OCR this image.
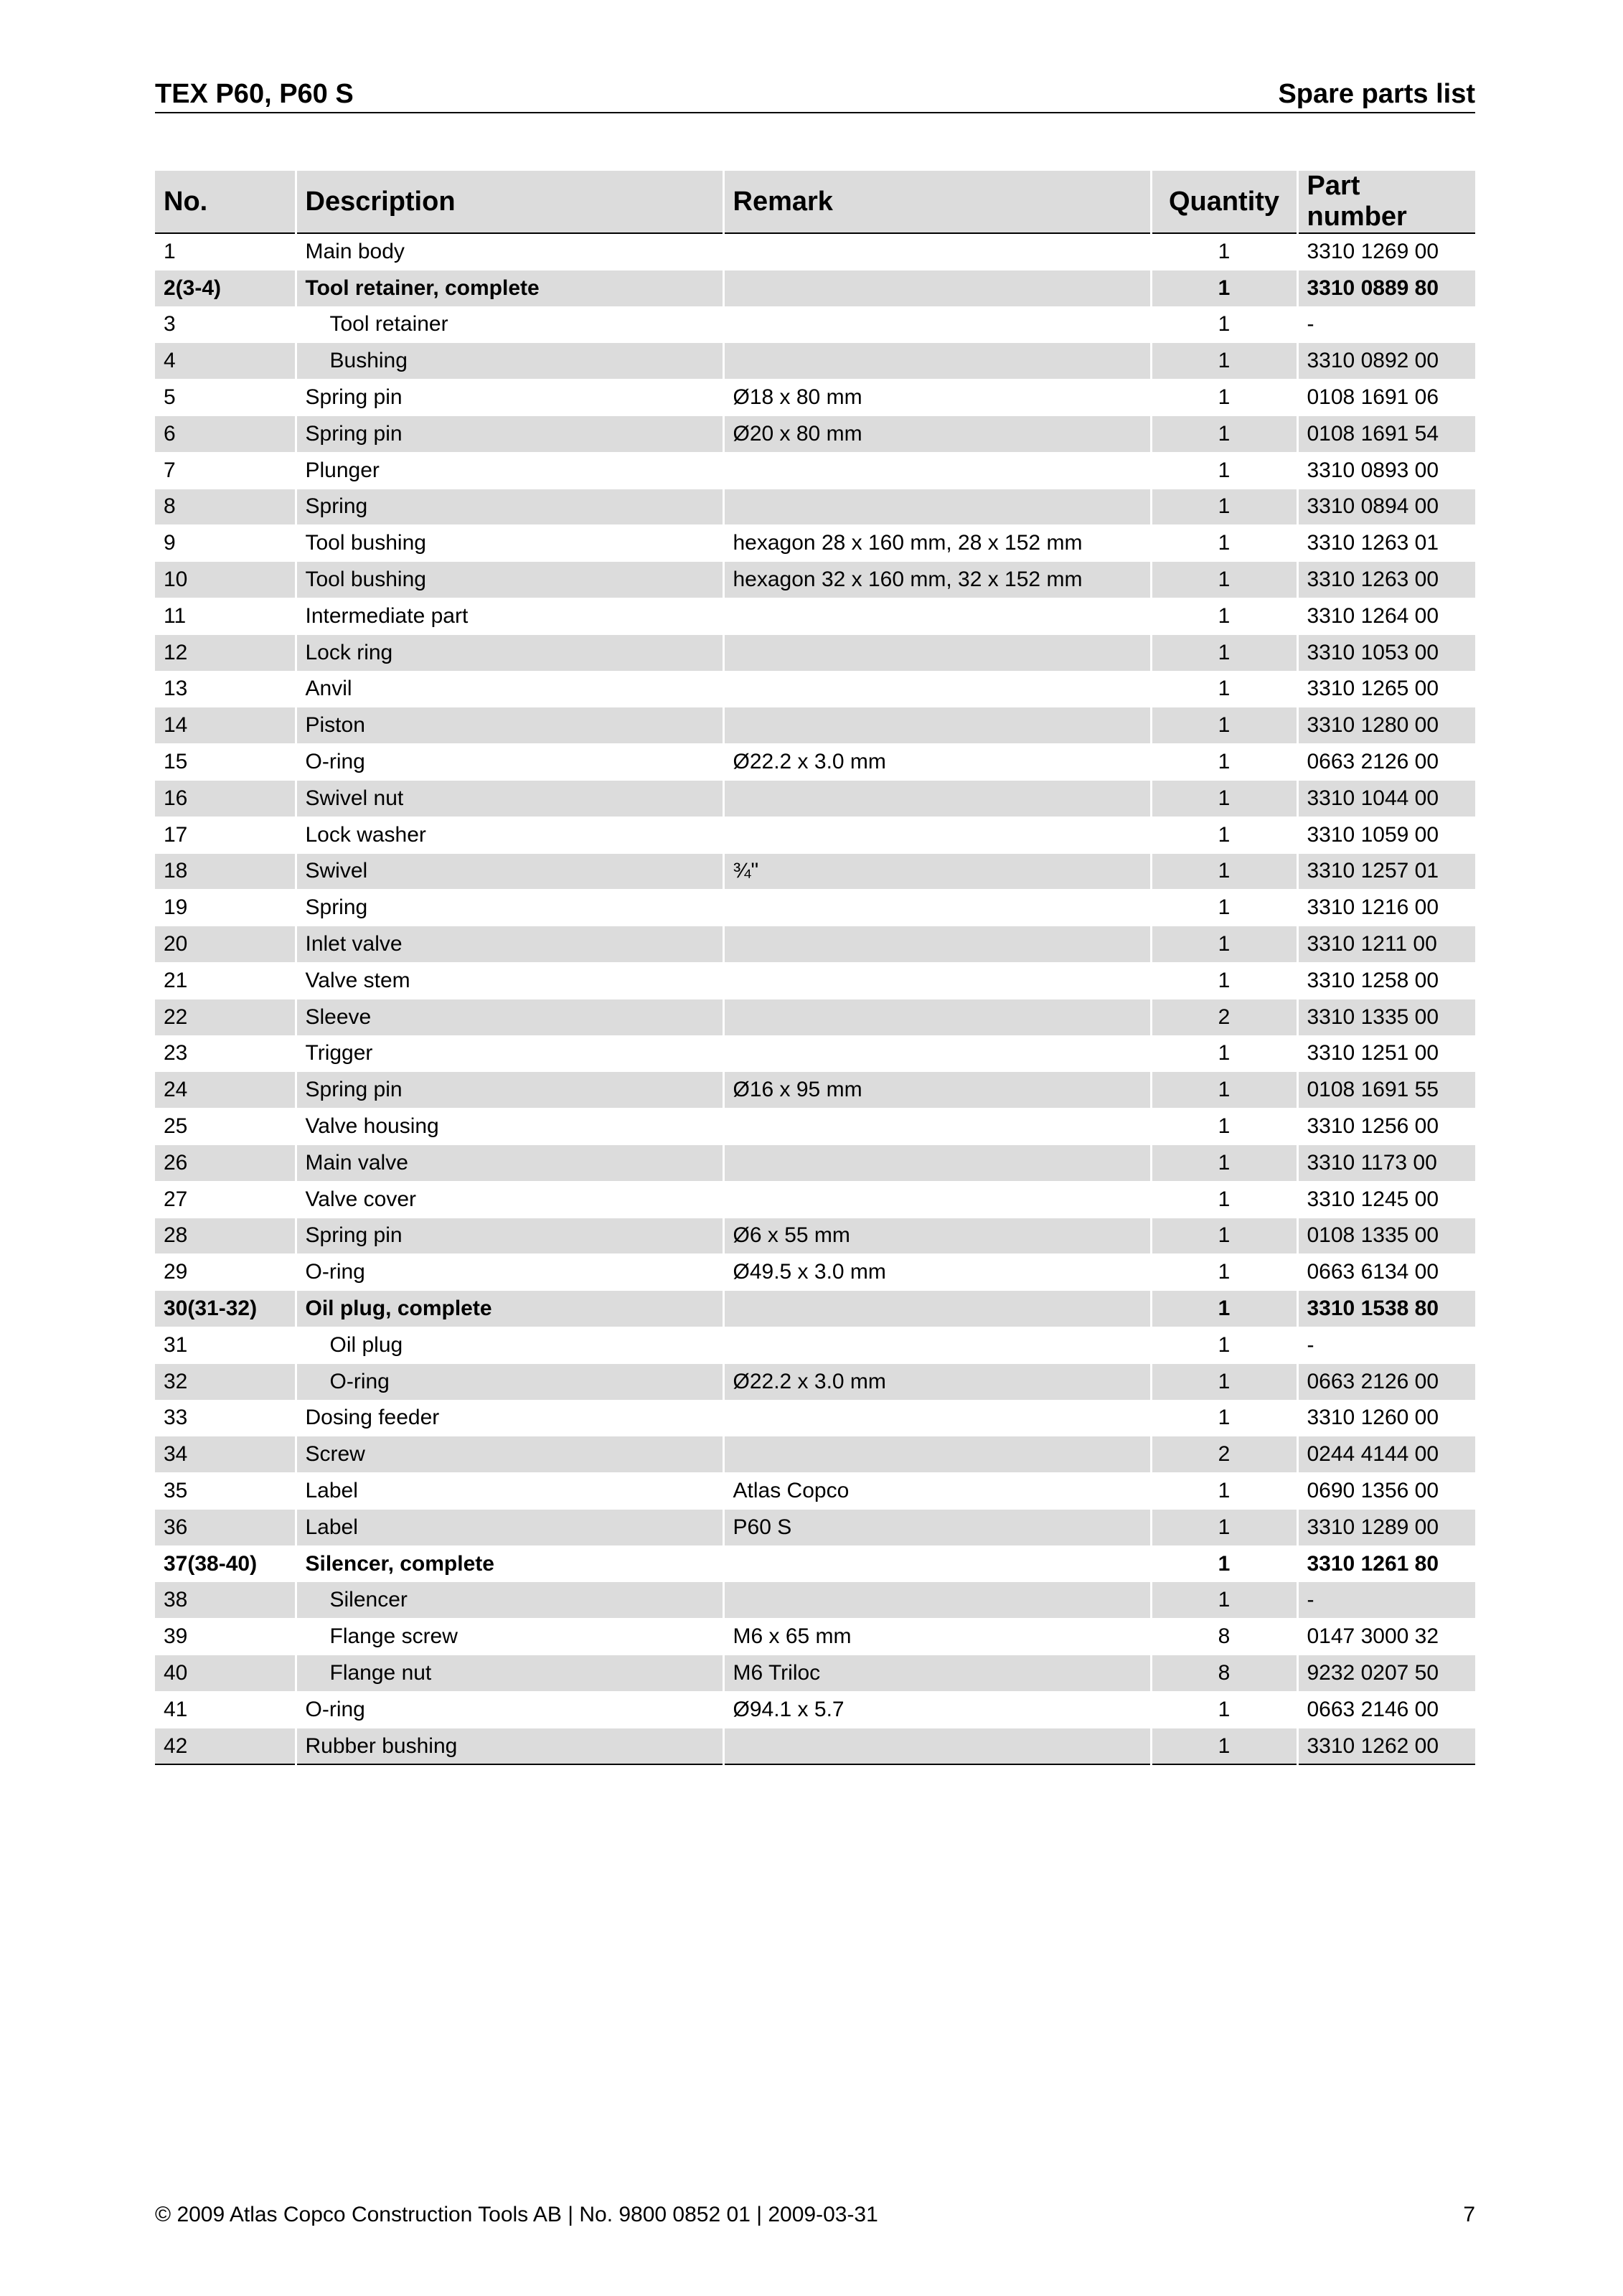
TEX P60, P60 S	Spare parts list
No.	Description	Remark	Quantity	Part number
1	Main body		1	3310 1269 00
2(3-4)	Tool retainer, complete		1	3310 0889 80
3	Tool retainer		1	-
4	Bushing		1	3310 0892 00
5	Spring pin	Ø18 x 80 mm	1	0108 1691 06
6	Spring pin	Ø20 x 80 mm	1	0108 1691 54
7	Plunger		1	3310 0893 00
8	Spring		1	3310 0894 00
9	Tool bushing	hexagon 28 x 160 mm, 28 x 152 mm	1	3310 1263 01
10	Tool bushing	hexagon 32 x 160 mm, 32 x 152 mm	1	3310 1263 00
11	Intermediate part		1	3310 1264 00
12	Lock ring		1	3310 1053 00
13	Anvil		1	3310 1265 00
14	Piston		1	3310 1280 00
15	O-ring	Ø22.2 x 3.0 mm	1	0663 2126 00
16	Swivel nut		1	3310 1044 00
17	Lock washer		1	3310 1059 00
18	Swivel	¾"	1	3310 1257 01
19	Spring		1	3310 1216 00
20	Inlet valve		1	3310 1211 00
21	Valve stem		1	3310 1258 00
22	Sleeve		2	3310 1335 00
23	Trigger		1	3310 1251 00
24	Spring pin	Ø16 x 95 mm	1	0108 1691 55
25	Valve housing		1	3310 1256 00
26	Main valve		1	3310 1173 00
27	Valve cover		1	3310 1245 00
28	Spring pin	Ø6 x 55 mm	1	0108 1335 00
29	O-ring	Ø49.5 x 3.0 mm	1	0663 6134 00
30(31-32)	Oil plug, complete		1	3310 1538 80
31	Oil plug		1	-
32	O-ring	Ø22.2 x 3.0 mm	1	0663 2126 00
33	Dosing feeder		1	3310 1260 00
34	Screw		2	0244 4144 00
35	Label	Atlas Copco	1	0690 1356 00
36	Label	P60 S	1	3310 1289 00
37(38-40)	Silencer, complete		1	3310 1261 80
38	Silencer		1	-
39	Flange screw	M6 x 65 mm	8	0147 3000 32
40	Flange nut	M6 Triloc	8	9232 0207 50
41	O-ring	Ø94.1 x 5.7	1	0663 2146 00
42	Rubber bushing		1	3310 1262 00
© 2009 Atlas Copco Construction Tools AB | No. 9800 0852 01 | 2009-03-31	7
